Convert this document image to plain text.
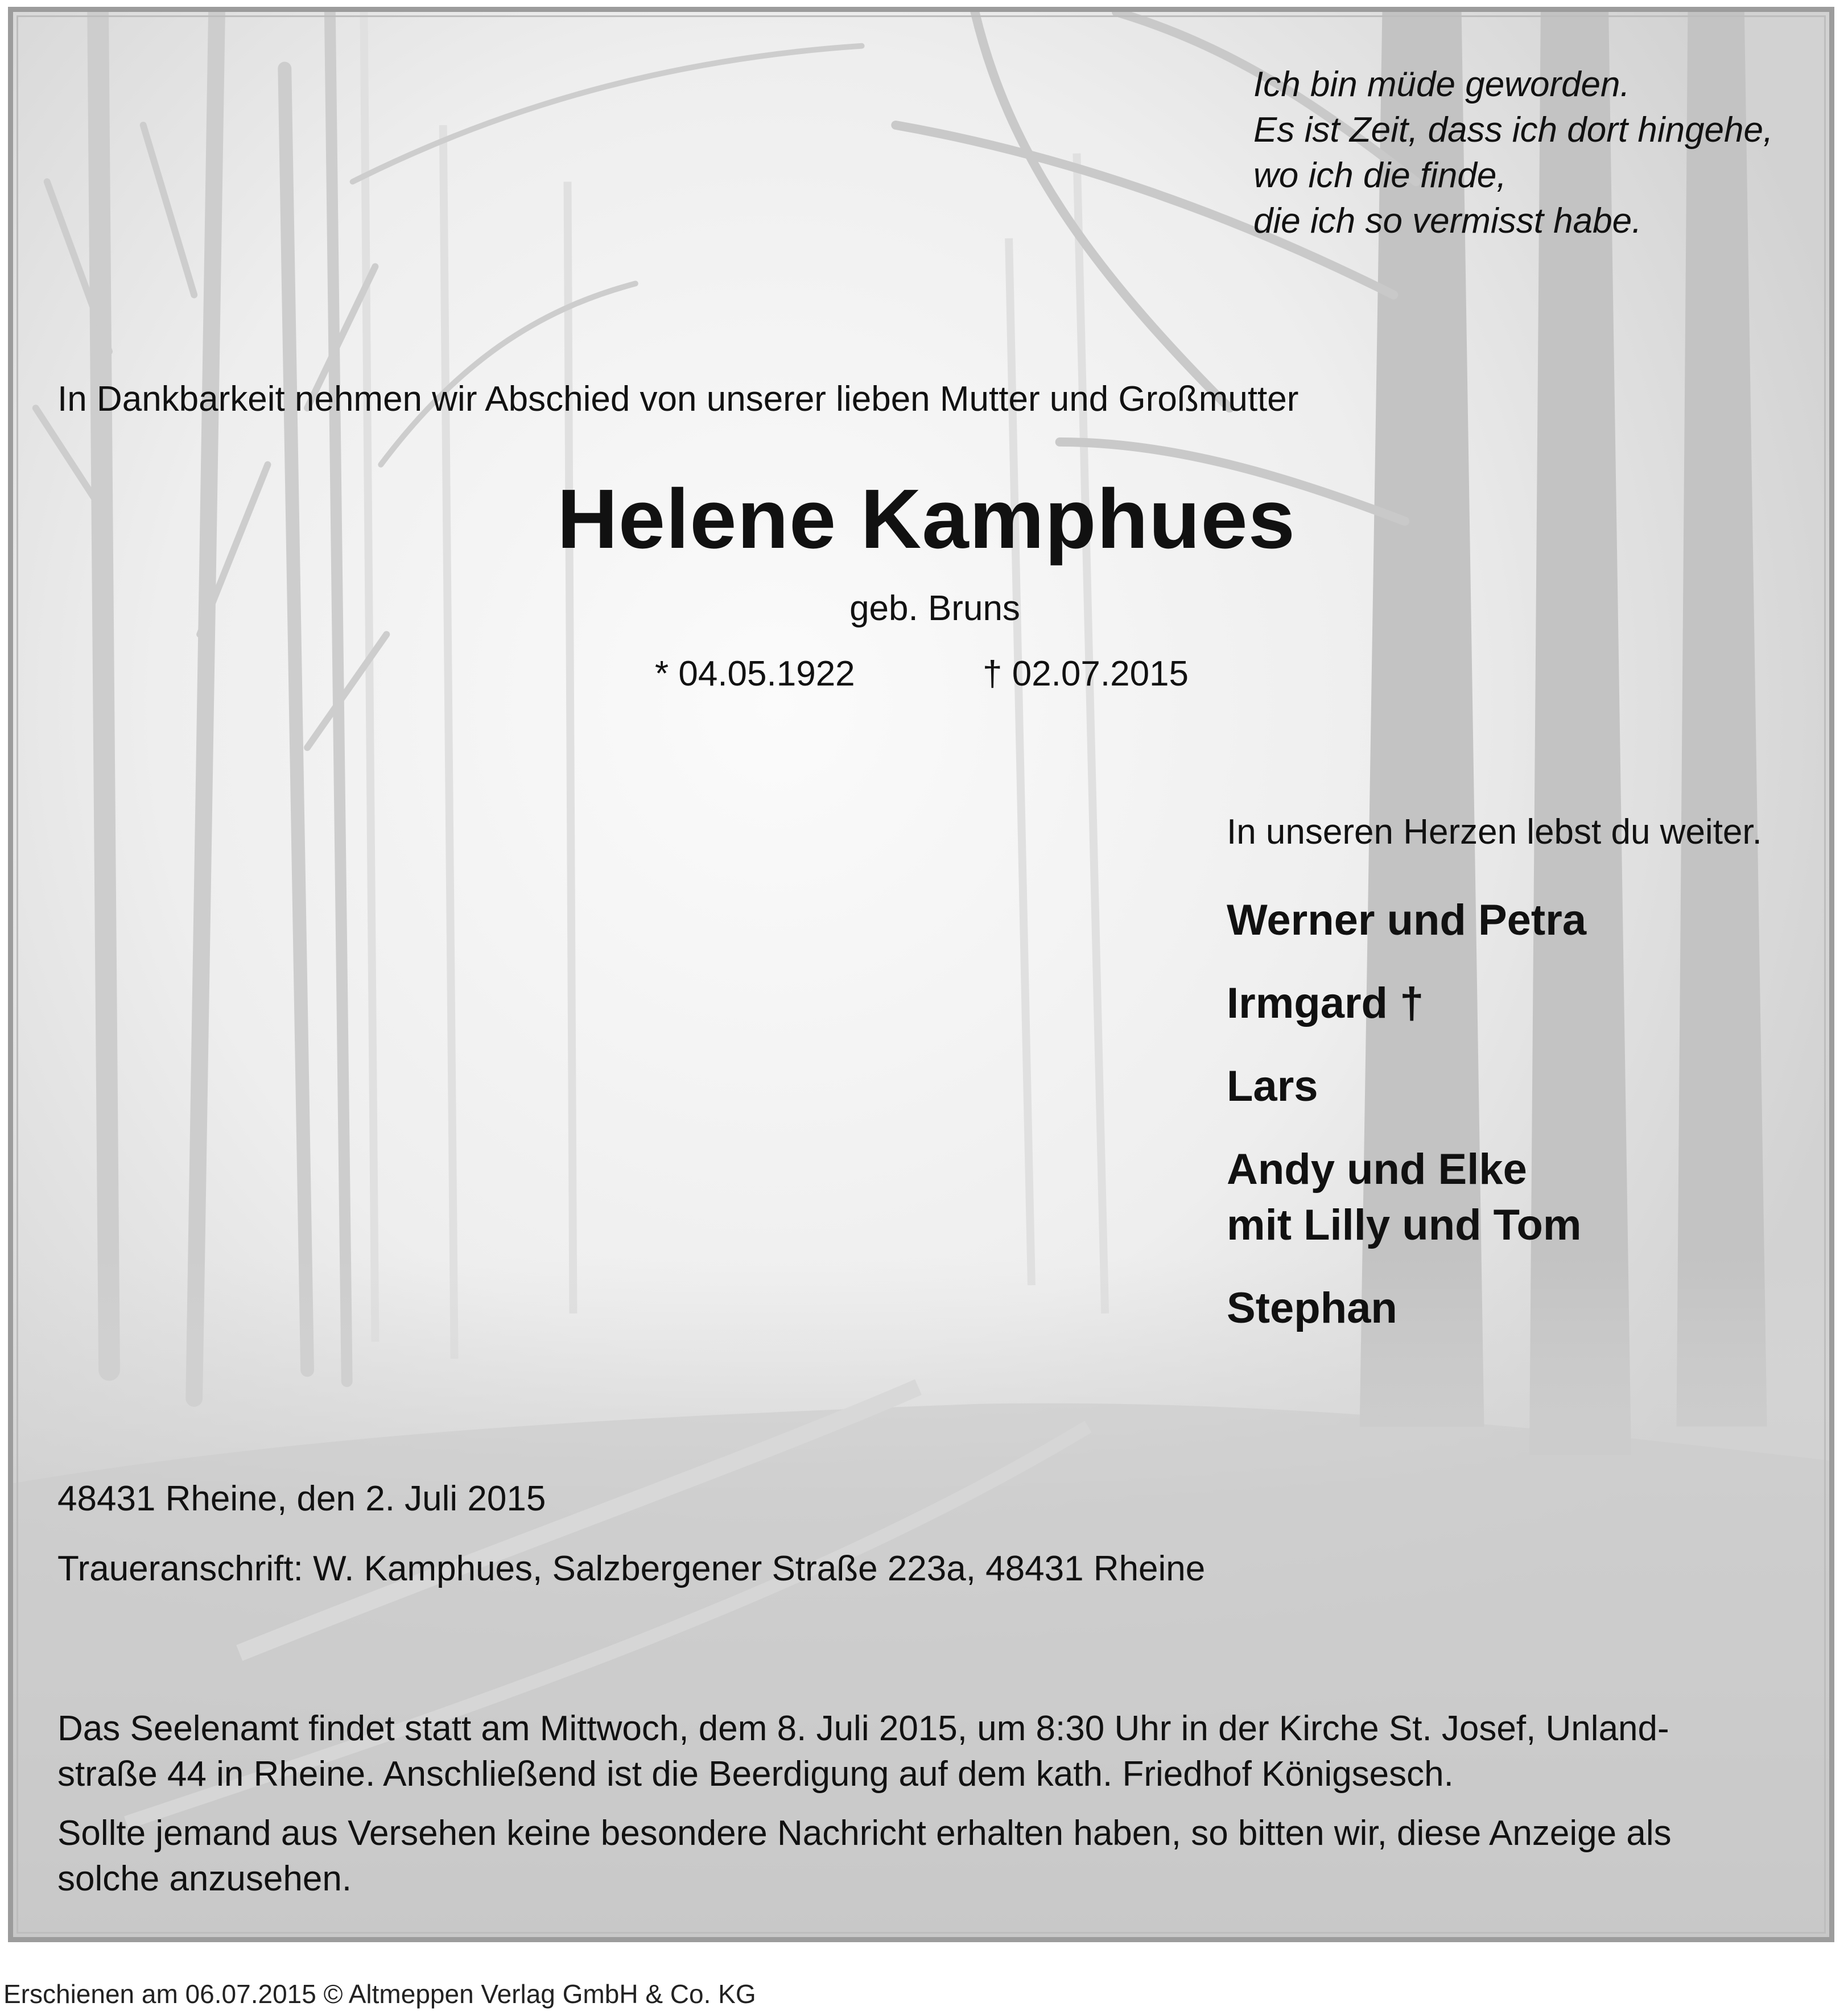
Ich bin müde geworden.
Es ist Zeit, dass ich dort hingehe,
wo ich die finde,
die ich so vermisst habe.

In Dankbarkeit nehmen wir Abschied von unserer lieben Mutter und Großmutter

Helene Kamphues

geb. Bruns

* 04.05.1922	† 02.07.2015

In unseren Herzen lebst du weiter.

Werner und Petra
Irmgard †
Lars
Andy und Elke
mit Lilly und Tom
Stephan

48431 Rheine, den 2. Juli 2015

Traueranschrift: W. Kamphues, Salzbergener Straße 223a, 48431 Rheine

Das Seelenamt findet statt am Mittwoch, dem 8. Juli 2015, um 8:30 Uhr in der Kirche St. Josef, Unland-
straße 44 in Rheine. Anschließend ist die Beerdigung auf dem kath. Friedhof Königsesch.

Sollte jemand aus Versehen keine besondere Nachricht erhalten haben, so bitten wir, diese Anzeige als
solche anzusehen.

Erschienen am 06.07.2015 © Altmeppen Verlag GmbH & Co. KG
